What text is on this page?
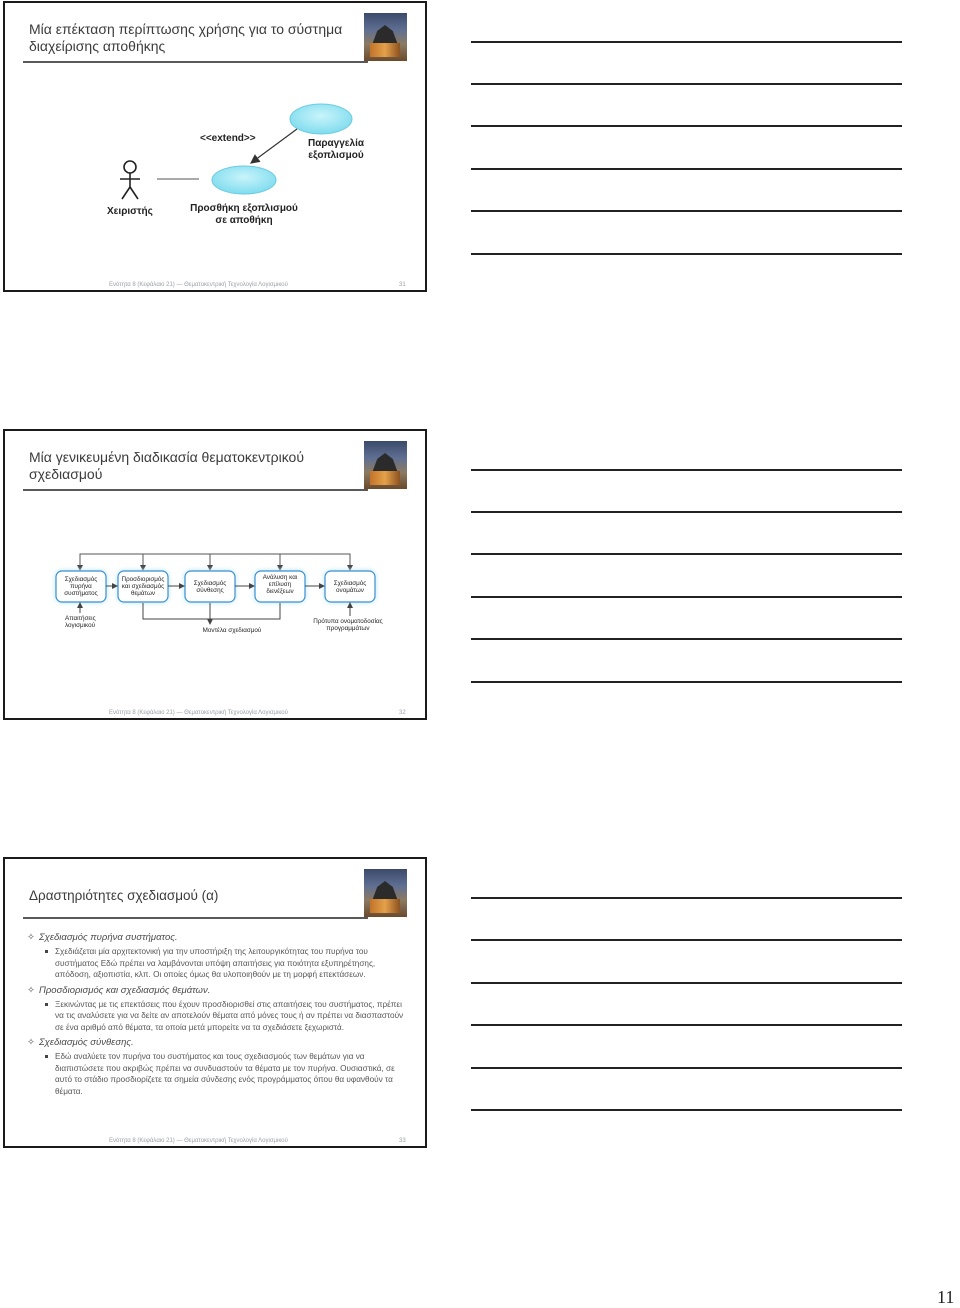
Μία επέκταση περίπτωσης χρήσης για το σύστημα διαχείρισης αποθήκης
<<extend>>
Χειριστής	Προσθήκη εξοπλισμού
σε αποθήκη
Παραγγελία
εξοπλισμού
Ενότητα 8 (Κεφάλαιο 21) — Θεματοκεντρική Τεχνολογία Λογισμικού	31
Μία γενικευμένη διαδικασία θεματοκεντρικού σχεδιασμού
Σχεδιασμός
πυρήνα
συστήματος
Προσδιορισμός
και σχεδιασμός
θεμάτων
Σχεδιασμός
σύνθεσης
Ανάλυση και
επίλυση
διενέξεων
Σχεδιασμός
ονομάτων
Απαιτήσεις
λογισμικού
Μοντέλα σχεδιασμού
Πρότυπα ονοματοδοσίας
προγραμμάτων
Ενότητα 8 (Κεφάλαιο 21) — Θεματοκεντρική Τεχνολογία Λογισμικού	32
Δραστηριότητες σχεδιασμού (α)
✧ Σχεδιασμός πυρήνα συστήματος.
Σχεδιάζεται μία αρχιτεκτονική για την υποστήριξη της λειτουργικότητας του πυρήνα του συστήματος Εδώ πρέπει να λαμβάνονται υπόψη απαιτήσεις για ποιότητα εξυπηρέτησης, απόδοση, αξιοπιστία, κλπ. Οι οποίες όμως θα υλοποιηθούν με τη μορφή επεκτάσεων.
✧ Προσδιορισμός και σχεδιασμός θεμάτων.
Ξεκινώντας με τις επεκτάσεις που έχουν προσδιορισθεί στις απαιτήσεις του συστήματος, πρέπει να τις αναλύσετε για να δείτε αν αποτελούν θέματα από μόνες τους ή αν πρέπει να διασπαστούν σε ένα αριθμό από θέματα, τα οποία μετά μπορείτε να τα σχεδιάσετε ξεχωριστά.
✧ Σχεδιασμός σύνθεσης.
Εδώ αναλύετε τον πυρήνα του συστήματος και τους σχεδιασμούς των θεμάτων για να διαπιστώσετε που ακριβώς πρέπει να συνδυαστούν τα θέματα με τον πυρήνα. Ουσιαστικά, σε αυτό το στάδιο προσδιορίζετε τα σημεία σύνδεσης ενός προγράμματος όπου θα υφανθούν τα θέματα.
Ενότητα 8 (Κεφάλαιο 21) — Θεματοκεντρική Τεχνολογία Λογισμικού	33
11
